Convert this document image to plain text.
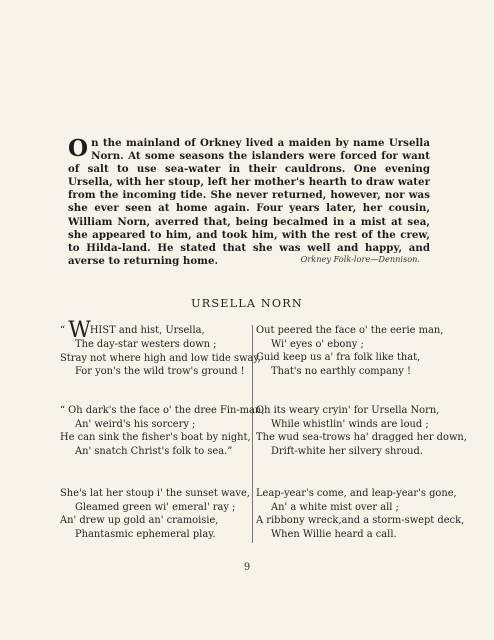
On the mainland of Orkney lived a maiden by name Ursella Norn. At some seasons the islanders were forced for want of salt to use sea-water in their cauldrons. One evening Ursella, with her stoup, left her mother's hearth to draw water from the incoming tide. She never returned, however, nor was she ever seen at home again. Four years later, her cousin, William Norn, averred that, being becalmed in a mist at sea, she appeared to him, and took him, with the rest of the crew, to Hilda-land. He stated that she was well and happy, and averse to returning home.	Orkney Folk-lore—Dennison.
URSELLA NORN
“ WHIST and hist, Ursella,
The day-star westers down ;
Stray not where high and low tide sway,
For yon's the wild trow's ground !
“ Oh dark's the face o' the dree Fin-man,
An' weird's his sorcery ;
He can sink the fisher's boat by night,
An' snatch Christ's folk to sea.”
She's lat her stoup i' the sunset wave,
Gleamed green wi' emeral' ray ;
An' drew up gold an' cramoisie,
Phantasmic ephemeral play.
Out peered the face o' the eerie man,
Wi' eyes o' ebony ;
Guid keep us a' fra folk like that,
That's no earthly company !
Oh its weary cryin' for Ursella Norn,
While whistlin' winds are loud ;
The wud sea-trows ha' dragged her down,
Drift-white her silvery shroud.
Leap-year's come, and leap-year's gone,
An' a white mist over all ;
A ribbony wreck,and a storm-swept deck,
When Willie heard a call.
9
